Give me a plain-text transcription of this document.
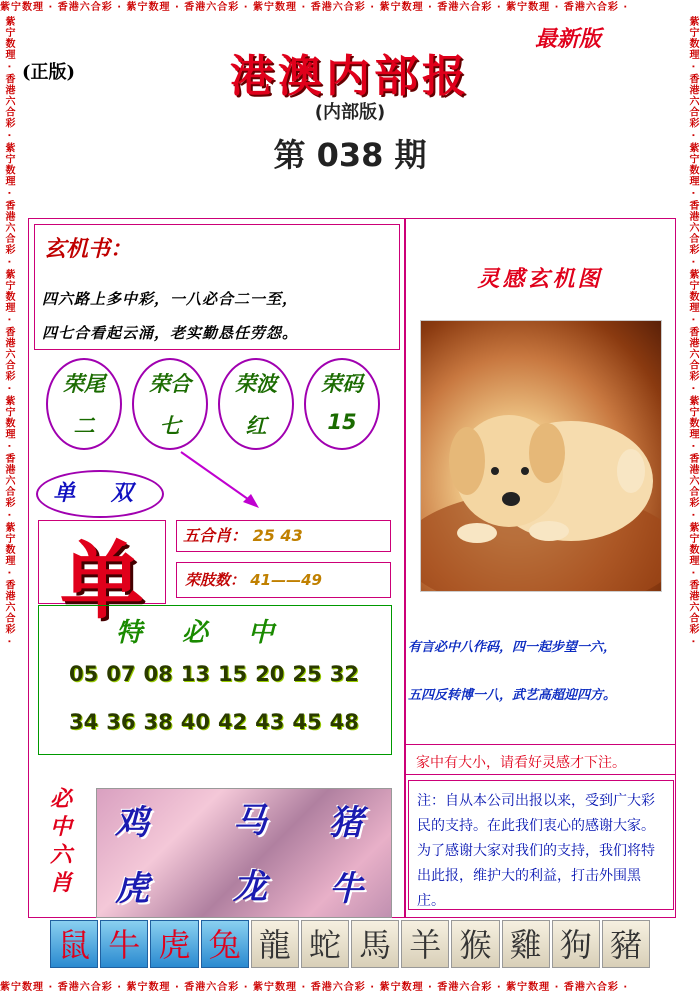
紫宁数理 · 香港六合彩 · 紫宁数理 · 香港六合彩 · 紫宁数理 · 香港六合彩 · 紫宁数理 · 香港六合彩 · 紫宁数理 · 香港六合彩 ·
紫宁数理 · 香港六合彩 · 紫宁数理 · 香港六合彩 · 紫宁数理 · 香港六合彩 · 紫宁数理 · 香港六合彩 · 紫宁数理 · 香港六合彩 ·
紫宁数理 · 香港六合彩 · 紫宁数理 · 香港六合彩 · 紫宁数理 · 香港六合彩 · 紫宁数理 · 香港六合彩 · 紫宁数理 · 香港六合彩 ·	紫宁数理 · 香港六合彩 · 紫宁数理 · 香港六合彩 · 紫宁数理 · 香港六合彩 · 紫宁数理 · 香港六合彩 · 紫宁数理 · 香港六合彩 ·
(正版)
最新版
港澳内部报
(内部版)
第 038 期
玄机书：
四六路上多中彩，一八必合二一至，
四七合看起云涌，老实勤恳任劳怨。
荣尾
二
荣合
七
荣波
红
荣码
15
单 双
单	五合肖： 25 43
荣肢数： 41——49
特必中
05 07 08 13 15 20 25 32
34 36 38 40 42 43 45 48
必中六肖
鸡 马 猪
虎 龙 牛
灵感玄机图
有言必中八作码，四一起步望一六，
五四反转博一八，武艺高超迎四方。
家中有大小，请看好灵感才下注。
注：自从本公司出报以来，受到广大彩民的支持。在此我们衷心的感谢大家。为了感谢大家对我们的支持，我们将特出此报，维护大的利益，打击外围黑庄。
鼠 牛 虎 兔 龍 蛇 馬 羊 猴 雞 狗 豬
